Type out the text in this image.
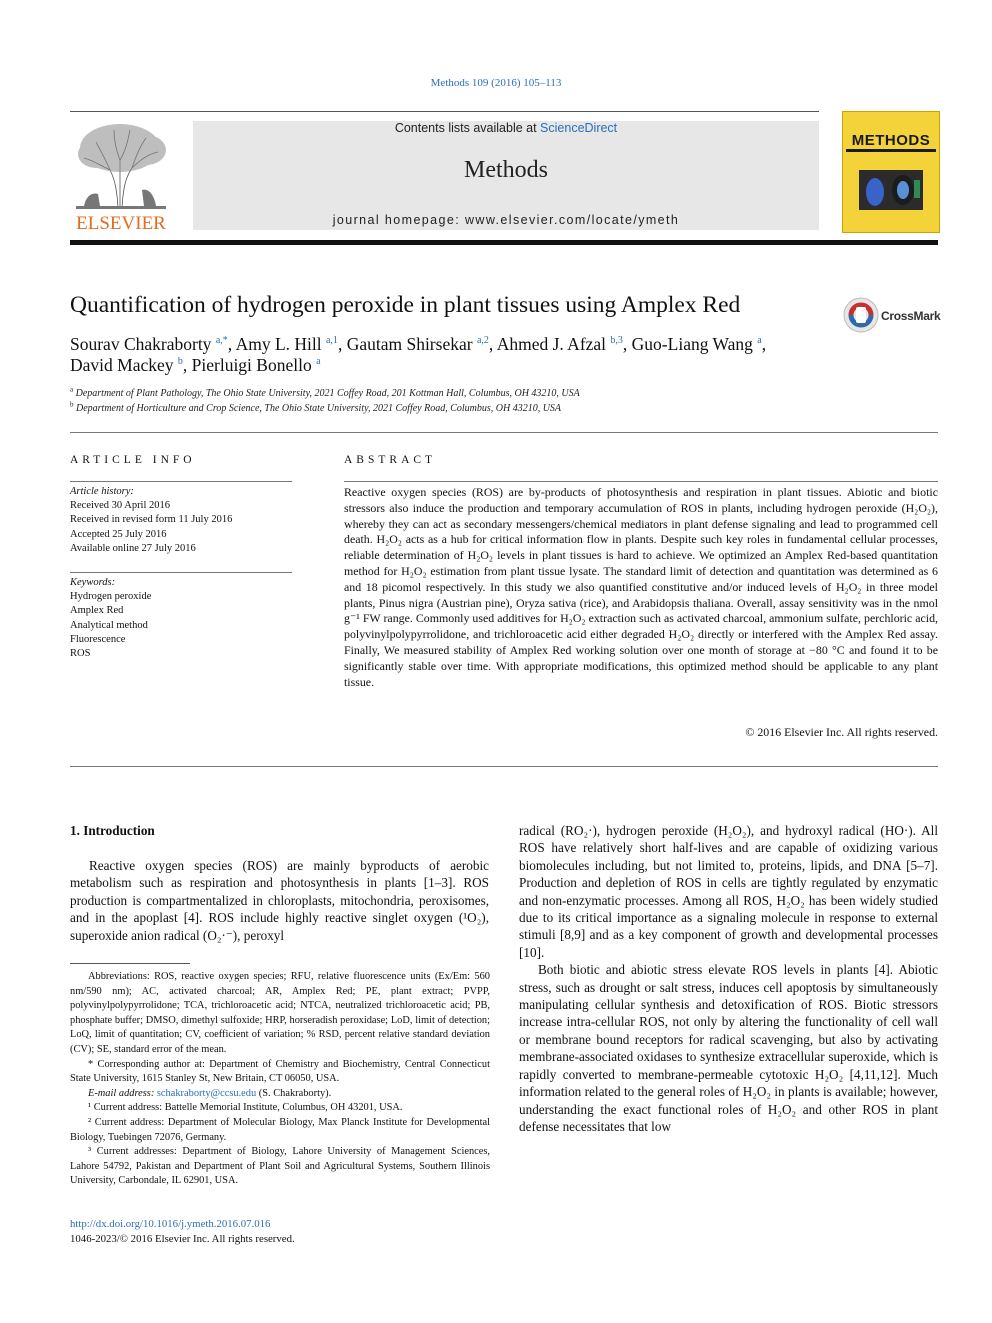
Methods 109 (2016) 105–113
ELSEVIER
Contents lists available at ScienceDirect
Methods
journal homepage: www.elsevier.com/locate/ymeth
METHODS
Quantification of hydrogen peroxide in plant tissues using Amplex Red	CrossMark
Sourav Chakraborty $^{a,*}$, Amy L. Hill $^{a,1}$, Gautam Shirsekar $^{a,2}$, Ahmed J. Afzal $^{b,3}$, Guo-Liang Wang $^a$,
David Mackey $^b$, Pierluigi Bonello $^a$
$^a$ Department of Plant Pathology, The Ohio State University, 2021 Coffey Road, 201 Kottman Hall, Columbus, OH 43210, USA
$^b$ Department of Horticulture and Crop Science, The Ohio State University, 2021 Coffey Road, Columbus, OH 43210, USA
ARTICLE INFO
Article history:
Received 30 April 2016
Received in revised form 11 July 2016
Accepted 25 July 2016
Available online 27 July 2016
Keywords:
Hydrogen peroxide
Amplex Red
Analytical method
Fluorescence
ROS
ABSTRACT
Reactive oxygen species (ROS) are by-products of photosynthesis and respiration in plant tissues. Abiotic and biotic stressors also induce the production and temporary accumulation of ROS in plants, including hydrogen peroxide (H₂O₂), whereby they can act as secondary messengers/chemical mediators in plant defense signaling and lead to programmed cell death. H₂O₂ acts as a hub for critical information flow in plants. Despite such key roles in fundamental cellular processes, reliable determination of H₂O₂ levels in plant tissues is hard to achieve. We optimized an Amplex Red-based quantitation method for H₂O₂ estimation from plant tissue lysate. The standard limit of detection and quantitation was determined as 6 and 18 picomol respectively. In this study we also quantified constitutive and/or induced levels of H₂O₂ in three model plants, Pinus nigra (Austrian pine), Oryza sativa (rice), and Arabidopsis thaliana. Overall, assay sensitivity was in the nmol g⁻¹ FW range. Commonly used additives for H₂O₂ extraction such as activated charcoal, ammonium sulfate, perchloric acid, polyvinylpolypyrrolidone, and trichloroacetic acid either degraded H₂O₂ directly or interfered with the Amplex Red assay. Finally, We measured stability of Amplex Red working solution over one month of storage at −80 °C and found it to be significantly stable over time. With appropriate modifications, this optimized method should be applicable to any plant tissue.
© 2016 Elsevier Inc. All rights reserved.
1. Introduction

Reactive oxygen species (ROS) are mainly byproducts of aerobic metabolism such as respiration and photosynthesis in plants [1–3]. ROS production is compartmentalized in chloroplasts, mitochondria, peroxisomes, and in the apoplast [4]. ROS include highly reactive singlet oxygen (¹O₂), superoxide anion radical (O₂·⁻), peroxyl

Abbreviations: ROS, reactive oxygen species; RFU, relative fluorescence units (Ex/Em: 560 nm/590 nm); AC, activated charcoal; AR, Amplex Red; PE, plant extract; PVPP, polyvinylpolypyrrolidone; TCA, trichloroacetic acid; NTCA, neutralized trichloroacetic acid; PB, phosphate buffer; DMSO, dimethyl sulfoxide; HRP, horseradish peroxidase; LoD, limit of detection; LoQ, limit of quantitation; CV, coefficient of variation; % RSD, percent relative standard deviation (CV); SE, standard error of the mean.

* Corresponding author at: Department of Chemistry and Biochemistry, Central Connecticut State University, 1615 Stanley St, New Britain, CT 06050, USA.

E-mail address: schakraborty@ccsu.edu (S. Chakraborty).

¹ Current address: Battelle Memorial Institute, Columbus, OH 43201, USA.

² Current address: Department of Molecular Biology, Max Planck Institute for Developmental Biology, Tuebingen 72076, Germany.

³ Current addresses: Department of Biology, Lahore University of Management Sciences, Lahore 54792, Pakistan and Department of Plant Soil and Agricultural Systems, Southern Illinois University, Carbondale, IL 62901, USA.

radical (RO₂·), hydrogen peroxide (H₂O₂), and hydroxyl radical (HO·). All ROS have relatively short half-lives and are capable of oxidizing various biomolecules including, but not limited to, proteins, lipids, and DNA [5–7]. Production and depletion of ROS in cells are tightly regulated by enzymatic and non-enzymatic processes. Among all ROS, H₂O₂ has been widely studied due to its critical importance as a signaling molecule in response to external stimuli [8,9] and as a key component of growth and developmental processes [10].

Both biotic and abiotic stress elevate ROS levels in plants [4]. Abiotic stress, such as drought or salt stress, induces cell apoptosis by simultaneously manipulating cellular synthesis and detoxification of ROS. Biotic stressors increase intra-cellular ROS, not only by altering the functionality of cell wall or membrane bound receptors for radical scavenging, but also by activating membrane-associated oxidases to synthesize extracellular superoxide, which is rapidly converted to membrane-permeable cytotoxic H₂O₂ [4,11,12]. Much information related to the general roles of H₂O₂ in plants is available; however, understanding the exact functional roles of H₂O₂ and other ROS in plant defense necessitates that low

http://dx.doi.org/10.1016/j.ymeth.2016.07.016
1046-2023/© 2016 Elsevier Inc. All rights reserved.
